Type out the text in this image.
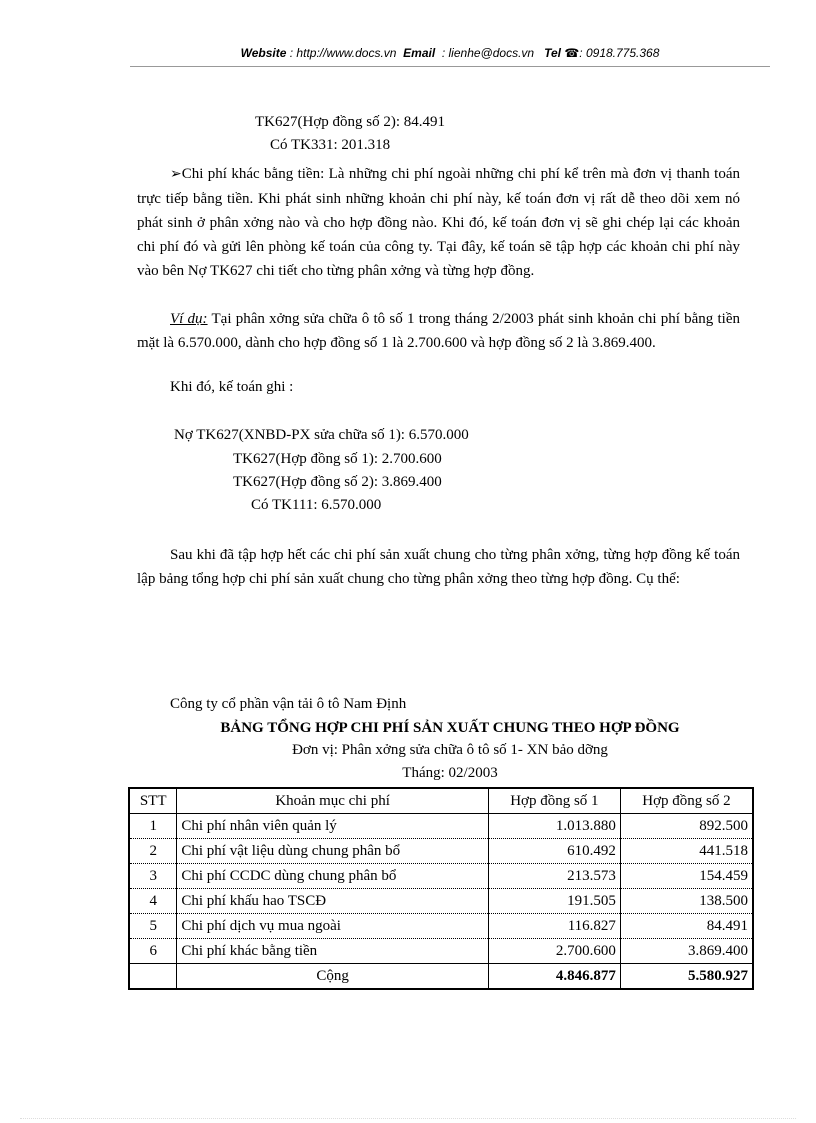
Website : http://www.docs.vn Email : lienhe@docs.vn Tel ☎: 0918.775.368
TK627(Hợp đồng số 2): 84.491
Có TK331: 201.318
➢Chi phí khác bằng tiền: Là những chi phí ngoài những chi phí kể trên mà đơn vị thanh toán trực tiếp bằng tiền. Khi phát sinh những khoản chi phí này, kế toán đơn vị rất dễ theo dõi xem nó phát sinh ở phân xởng nào và cho hợp đồng nào. Khi đó, kế toán đơn vị sẽ ghi chép lại các khoản chi phí đó và gửi lên phòng kế toán của công ty. Tại đây, kế toán sẽ tập hợp các khoản chi phí này vào bên Nợ TK627 chi tiết cho từng phân xởng và từng hợp đồng.
Ví dụ: Tại phân xởng sửa chữa ô tô số 1 trong tháng 2/2003 phát sinh khoản chi phí bằng tiền mặt là 6.570.000, dành cho hợp đồng số 1 là 2.700.600 và hợp đồng số 2 là 3.869.400.
Khi đó, kế toán ghi :
Nợ TK627(XNBD-PX sửa chữa số 1): 6.570.000
TK627(Hợp đồng số 1): 2.700.600
TK627(Hợp đồng số 2): 3.869.400
Có TK111: 6.570.000
Sau khi đã tập hợp hết các chi phí sản xuất chung cho từng phân xởng, từng hợp đồng kế toán lập bảng tổng hợp chi phí sản xuất chung cho từng phân xởng theo từng hợp đồng. Cụ thể:
Công ty cổ phần vận tải ô tô Nam Định
BẢNG TỔNG HỢP CHI PHÍ SẢN XUẤT CHUNG THEO HỢP ĐỒNG
Đơn vị: Phân xởng sửa chữa ô tô số 1- XN bảo dỡng
Tháng: 02/2003
STT	Khoản mục chi phí	Hợp đồng số 1	Hợp đồng số 2
1	Chi phí nhân viên quản lý	1.013.880	892.500
2	Chi phí vật liệu dùng chung phân bổ	610.492	441.518
3	Chi phí CCDC dùng chung phân bổ	213.573	154.459
4	Chi phí khấu hao TSCĐ	191.505	138.500
5	Chi phí dịch vụ mua ngoài	116.827	84.491
6	Chi phí khác bằng tiền	2.700.600	3.869.400
	Cộng	4.846.877	5.580.927
